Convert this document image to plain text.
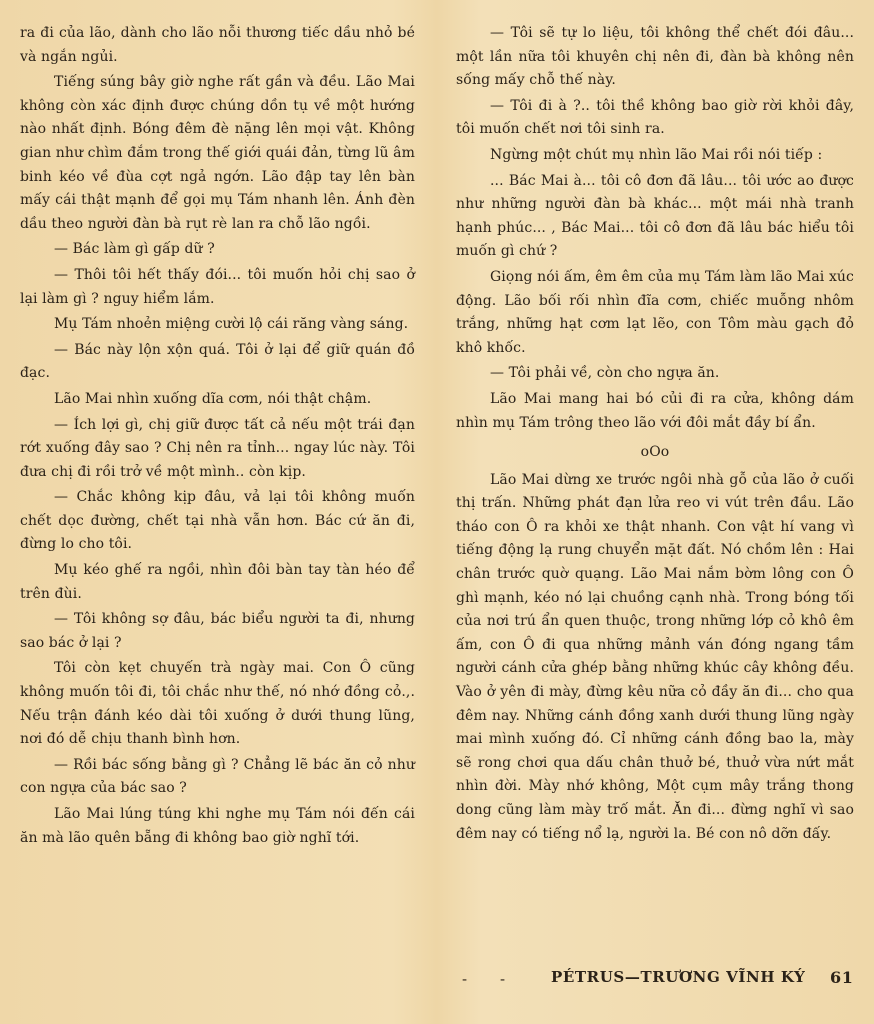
ra đi của lão, dành cho lão nỗi thương tiếc dầu nhỏ bé và ngắn ngủi.

Tiếng súng bây giờ nghe rất gần và đều. Lão Mai không còn xác định được chúng dồn tụ về một hướng nào nhất định. Bóng đêm đè nặng lên mọi vật. Không gian như chìm đắm trong thế giới quái đản, từng lũ âm binh kéo về đùa cợt ngả ngớn. Lão đập tay lên bàn mấy cái thật mạnh để gọi mụ Tám nhanh lên. Ánh đèn dầu theo người đàn bà rụt rè lan ra chỗ lão ngồi.

— Bác làm gì gấp dữ ?

— Thôi tôi hết thấy đói... tôi muốn hỏi chị sao ở lại làm gì ? nguy hiểm lắm.

Mụ Tám nhoẻn miệng cười lộ cái răng vàng sáng.

— Bác này lộn xộn quá. Tôi ở lại để giữ quán đồ đạc.

Lão Mai nhìn xuống dĩa cơm, nói thật chậm.

— Ích lợi gì, chị giữ được tất cả nếu một trái đạn rớt xuống đây sao ? Chị nên ra tỉnh... ngay lúc này. Tôi đưa chị đi rồi trở về một mình.. còn kịp.

— Chắc không kịp đâu, vả lại tôi không muốn chết dọc đường, chết tại nhà vẫn hơn. Bác cứ ăn đi, đừng lo cho tôi.

Mụ kéo ghế ra ngồi, nhìn đôi bàn tay tàn héo để trên đùi.

— Tôi không sợ đâu, bác biểu người ta đi, nhưng sao bác ở lại ?

Tôi còn kẹt chuyến trà ngày mai. Con Ô cũng không muốn tôi đi, tôi chắc như thế, nó nhớ đồng cỏ.,. Nếu trận đánh kéo dài tôi xuống ở dưới thung lũng, nơi đó dễ chịu thanh bình hơn.

— Rồi bác sống bằng gì ? Chẳng lẽ bác ăn cỏ như con ngựa của bác sao ?

Lão Mai lúng túng khi nghe mụ Tám nói đến cái ăn mà lão quên bẵng đi không bao giờ nghĩ tới.

— Tôi sẽ tự lo liệu, tôi không thể chết đói đâu... một lần nữa tôi khuyên chị nên đi, đàn bà không nên sống mấy chỗ thế này.

— Tôi đi à ?.. tôi thề không bao giờ rời khỏi đây, tôi muốn chết nơi tôi sinh ra.

Ngừng một chút mụ nhìn lão Mai rồi nói tiếp :

... Bác Mai à... tôi cô đơn đã lâu... tôi ước ao được như những người đàn bà khác... một mái nhà tranh hạnh phúc... , Bác Mai... tôi cô đơn đã lâu bác hiểu tôi muốn gì chứ ?

Giọng nói ấm, êm êm của mụ Tám làm lão Mai xúc động. Lão bối rối nhìn đĩa cơm, chiếc muỗng nhôm trắng, những hạt cơm lạt lẽo, con Tôm màu gạch đỏ khô khốc.

— Tôi phải về, còn cho ngựa ăn.

Lão Mai mang hai bó củi đi ra cửa, không dám nhìn mụ Tám trông theo lão với đôi mắt đầy bí ẩn.

oOo

Lão Mai dừng xe trước ngôi nhà gỗ của lão ở cuối thị trấn. Những phát đạn lửa reo vi vút trên đầu. Lão tháo con Ô ra khỏi xe thật nhanh. Con vật hí vang vì tiếng động lạ rung chuyển mặt đất. Nó chồm lên : Hai chân trước quờ quạng. Lão Mai nắm bờm lông con Ô ghì mạnh, kéo nó lại chuồng cạnh nhà. Trong bóng tối của nơi trú ẩn quen thuộc, trong những lớp cỏ khô êm ấm, con Ô đi qua những mảnh ván đóng ngang tầm người cánh cửa ghép bằng những khúc cây không đều. Vào ở yên đi mày, đừng kêu nữa cỏ đầy ăn đi... cho qua đêm nay. Những cánh đồng xanh dưới thung lũng ngày mai mình xuống đó. Cỉ những cánh đồng bao la, mày sẽ rong chơi qua dấu chân thuở bé, thuở vừa nứt mắt nhìn đời. Mày nhớ không, Một cụm mây trắng thong dong cũng làm mày trố mắt. Ăn đi... đừng nghĩ vì sao đêm nay có tiếng nổ lạ, người la. Bé con nô dỡn đấy.

- -	PÉTRUS—TRƯƠNG VĨNH KÝ 61
